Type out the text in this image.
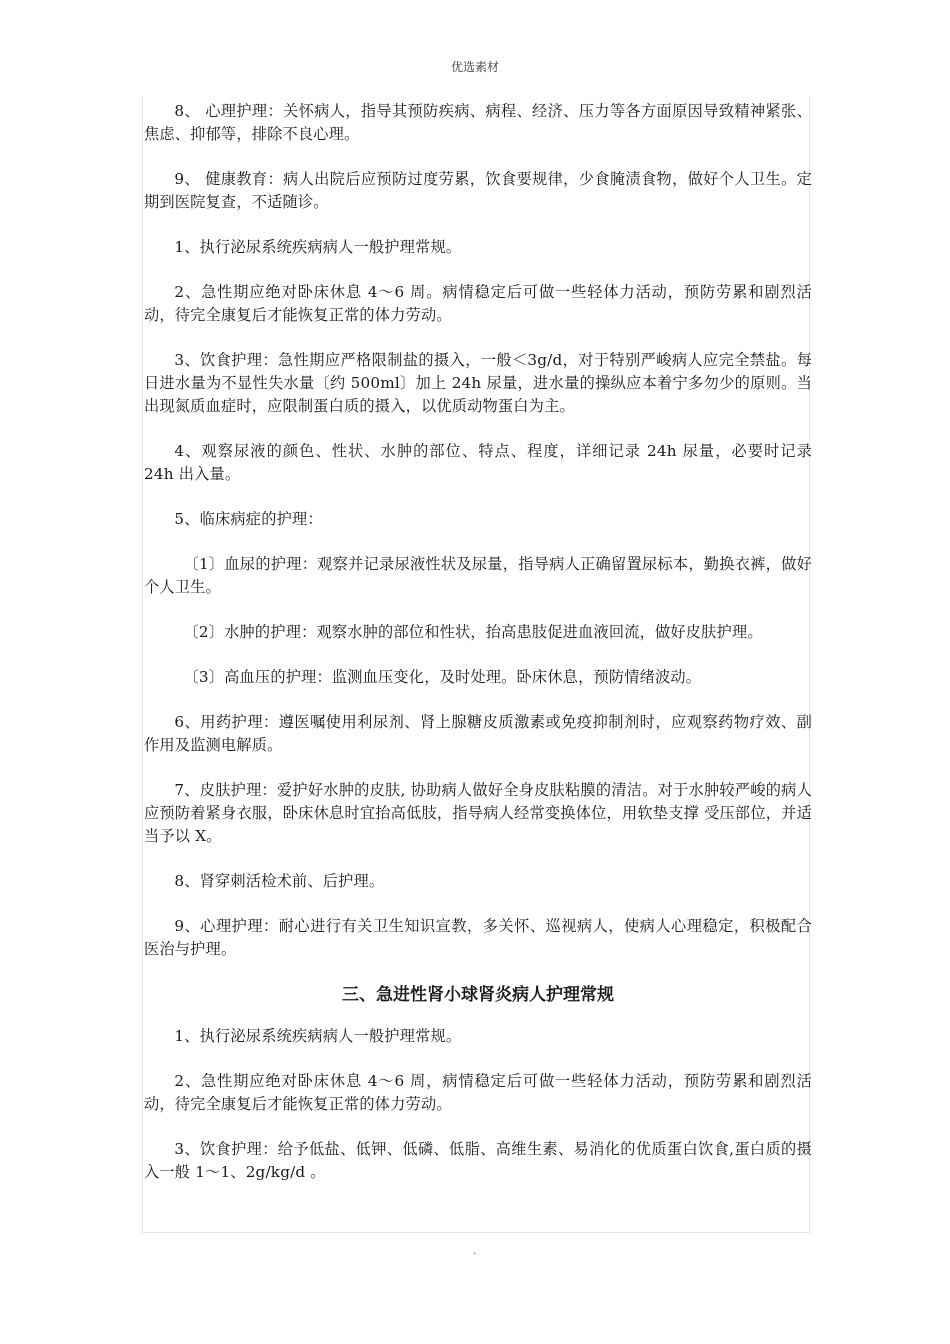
优选素材

8、 心理护理：关怀病人，指导其预防疾病、病程、经济、压力等各方面原因导致精神紧张、焦虑、抑郁等，排除不良心理。

9、 健康教育：病人出院后应预防过度劳累，饮食要规律，少食腌渍食物，做好个人卫生。定期到医院复查，不适随诊。

1、执行泌尿系统疾病病人一般护理常规。

2、急性期应绝对卧床休息 4～6 周。病情稳定后可做一些轻体力活动，预防劳累和剧烈活动，待完全康复后才能恢复正常的体力劳动。

3、饮食护理：急性期应严格限制盐的摄入，一般＜3g/d，对于特别严峻病人应完全禁盐。每日进水量为不显性失水量〔约 500ml〕加上 24h 尿量，进水量的操纵应本着宁多勿少的原则。当出现氮质血症时，应限制蛋白质的摄入，以优质动物蛋白为主。

4、观察尿液的颜色、性状、水肿的部位、特点、程度，详细记录 24h 尿量，必要时记录 24h 出入量。

5、临床病症的护理：

〔1〕血尿的护理：观察并记录尿液性状及尿量，指导病人正确留置尿标本，勤换衣裤，做好个人卫生。

〔2〕水肿的护理：观察水肿的部位和性状，抬高患肢促进血液回流，做好皮肤护理。

〔3〕高血压的护理：监测血压变化，及时处理。卧床休息，预防情绪波动。

6、用药护理：遵医嘱使用利尿剂、肾上腺糖皮质激素或免疫抑制剂时，应观察药物疗效、副作用及监测电解质。

7、皮肤护理：爱护好水肿的皮肤, 协助病人做好全身皮肤粘膜的清洁。对于水肿较严峻的病人应预防着紧身衣服，卧床休息时宜抬高低肢，指导病人经常变换体位，用软垫支撑 受压部位，并适当予以 X。

8、肾穿刺活检术前、后护理。

9、心理护理：耐心进行有关卫生知识宣教，多关怀、巡视病人，使病人心理稳定，积极配合医治与护理。

三、急进性肾小球肾炎病人护理常规

1、执行泌尿系统疾病病人一般护理常规。

2、急性期应绝对卧床休息 4～6 周，病情稳定后可做一些轻体力活动，预防劳累和剧烈活动，待完全康复后才能恢复正常的体力劳动。

3、饮食护理：给予低盐、低钾、低磷、低脂、高维生素、易消化的优质蛋白饮食,蛋白质的摄入一般 1～1、2g/kg/d 。

.
